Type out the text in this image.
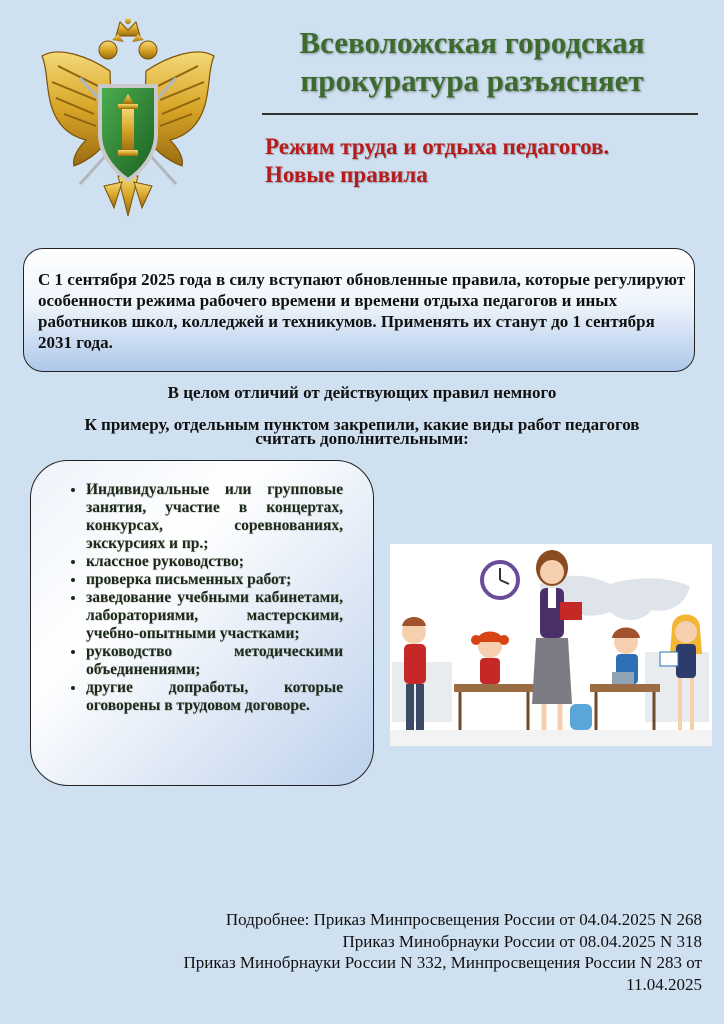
Всеволожская городская прокуратура разъясняет
Режим труда и отдыха педагогов.
Новые правила

С 1 сентября 2025 года в силу вступают обновленные правила, которые регулируют особенности режима рабочего времени и времени отдыха педагогов и иных работников школ, колледжей и техникумов. Применять их станут до 1 сентября 2031 года.

В целом отличий от действующих правил немного
К примеру, отдельным пунктом закрепили, какие виды работ педагогов
считать дополнительными:
• Индивидуальные или групповые занятия, участие в концертах, конкурсах, соревнованиях, экскурсиях и пр.;
• классное руководство;
• проверка письменных работ;
• заведование учебными кабинетами, лабораториями, мастерскими, учебно-опытными участками;
• руководство методическими объединениями;
• другие допработы, которые оговорены в трудовом договоре.

Подробнее: Приказ Минпросвещения России от 04.04.2025 N 268

Приказ Минобрнауки России от 08.04.2025 N 318

Приказ Минобрнауки России N 332, Минпросвещения России N 283 от

11.04.2025
